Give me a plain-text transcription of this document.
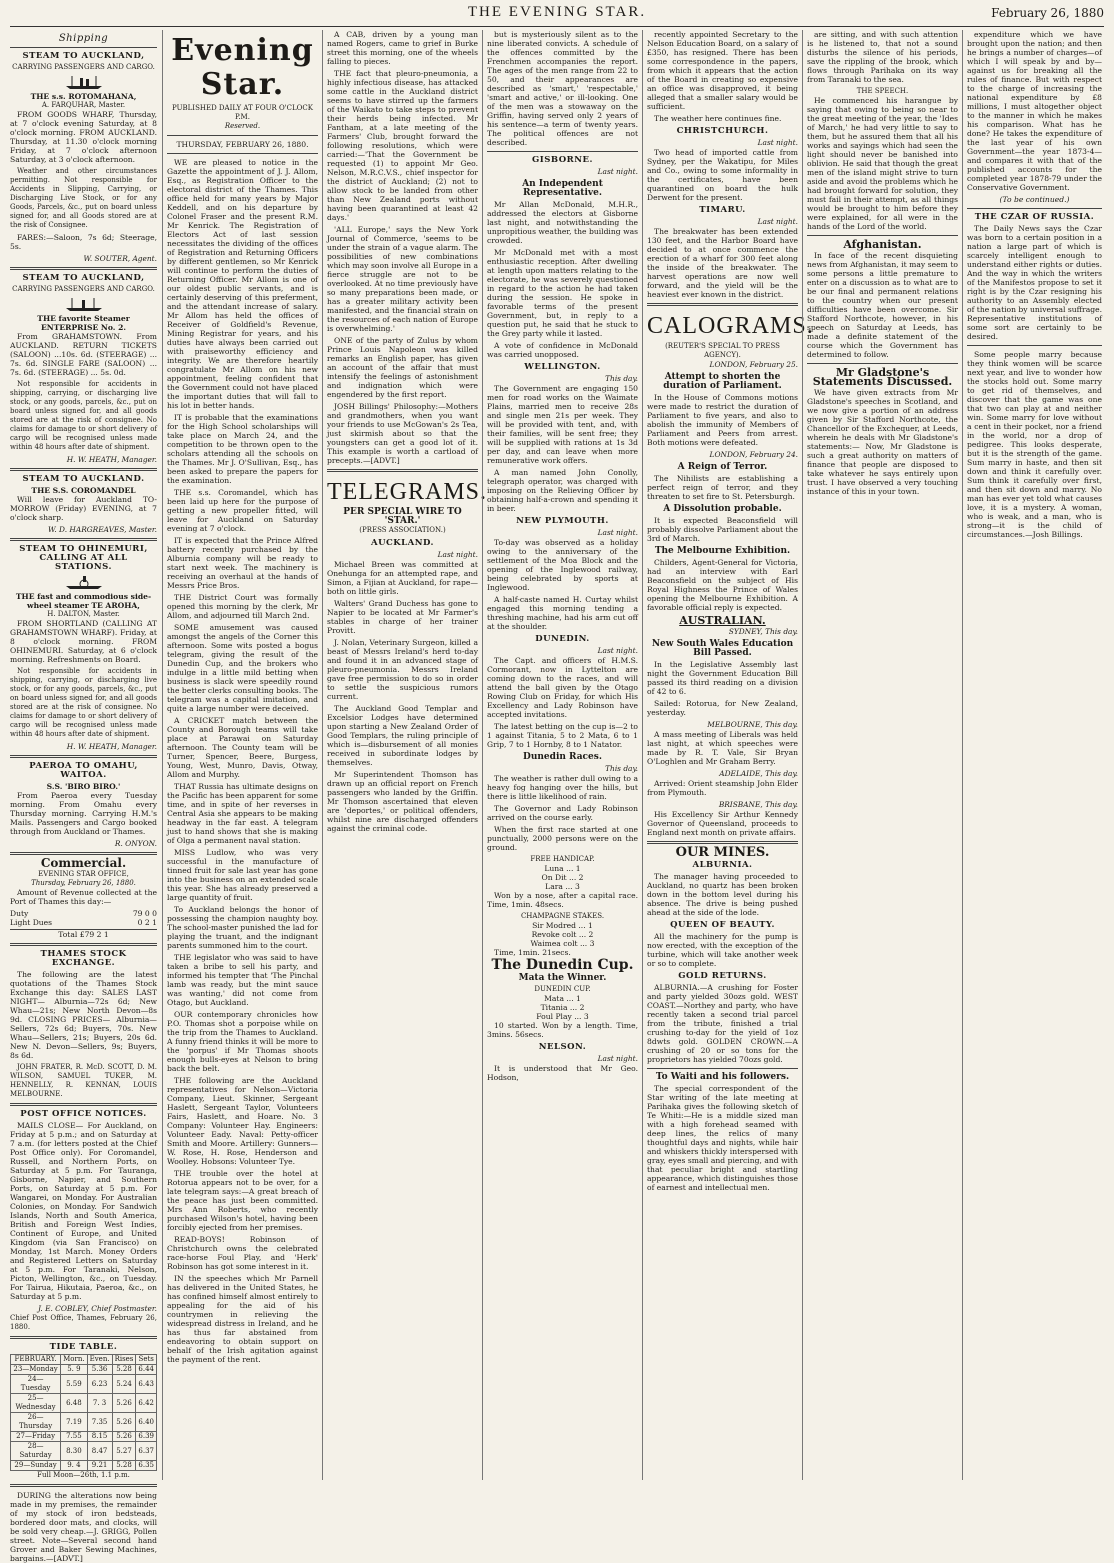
THE EVENING STAR.	February 26, 1880
Shipping
STEAM TO AUCKLAND,
CARRYING PASSENGERS AND CARGO.
THE s.s. ROTOMAHANA,
A. FARQUHAR, Master.

FROM GOODS WHARF, Thursday, at 7 o'clock evening Saturday, at 8 o'clock morning. FROM AUCKLAND. Thursday, at 11.30 o'clock morning Friday, at 7 o'clock afternoon Saturday, at 3 o'clock afternoon.

Weather and other circumstances permitting. Not responsible for Accidents in Slipping, Carrying, or Discharging Live Stock, or for any Goods, Parcels, &c., put on board unless signed for, and all Goods stored are at the risk of Consignee.

FARES:—Saloon, 7s 6d; Steerage, 5s.

W. SOUTER, Agent.
STEAM TO AUCKLAND,
CARRYING PASSENGERS AND CARGO.
THE favorite Steamer ENTERPRISE No. 2.

From GRAHAMSTOWN. From AUCKLAND. RETURN TICKETS (SALOON) ...10s. 6d. (STEERAGE) ... 7s. 6d. SINGLE FARE (SALOON) ... 7s. 6d. (STEERAGE) ... 5s. 0d.

Not responsible for accidents in shipping, carrying, or discharging live stock, or any goods, parcels, &c., put on board unless signed for, and all goods stored are at the risk of consignee. No claims for damage to or short delivery of cargo will be recognised unless made within 48 hours after date of shipment.

H. W. HEATH, Manager.
STEAM TO AUCKLAND.
THE S.S. COROMANDEL

Will leave for Auckland TO-MORROW (Friday) EVENING, at 7 o'clock sharp.

W. D. HARGREAVES, Master.
STEAM TO OHINEMURI, CALLING AT ALL STATIONS.
THE fast and commodious side-wheel steamer TE AROHA,
H. DALTON, Master.

FROM SHORTLAND (CALLING AT GRAHAMSTOWN WHARF). Friday, at 8 o'clock morning. FROM OHINEMURI. Saturday, at 6 o'clock morning. Refreshments on Board.

Not responsible for accidents in shipping, carrying, or discharging live stock, or for any goods, parcels, &c., put on board unless signed for, and all goods stored are at the risk of consignee. No claims for damage to or short delivery of cargo will be recognised unless made within 48 hours after date of shipment.

H. W. HEATH, Manager.
PAEROA TO OMAHU, WAITOA.
S.S. 'BIRO BIRO.'

From Paeroa every Tuesday morning. From Omahu every Thursday morning. Carrying H.M.'s Mails. Passengers and Cargo booked through from Auckland or Thames.

R. ONYON.
Commercial.
EVENING STAR OFFICE,
Thursday, February 26, 1880.

Amount of Revenue collected at the Port of Thames this day:—

Duty	79 0 0
Light Dues	0 2 1
Total £79 2 1
THAMES STOCK EXCHANGE.

The following are the latest quotations of the Thames Stock Exchange this day: SALES LAST NIGHT— Alburnia—72s 6d; New Whau—21s; New North Devon—8s 9d. CLOSING PRICES— Alburnia—Sellers, 72s 6d; Buyers, 70s. New Whau—Sellers, 21s; Buyers, 20s 6d. New N. Devon—Sellers, 9s; Buyers, 8s 6d.

JOHN FRATER, R. McD. SCOTT, D. M. WILSON, SAMUEL TUKER, M. HENNELLY, R. KENNAN, LOUIS MELBOURNE.

POST OFFICE NOTICES.

MAILS CLOSE— For Auckland, on Friday at 5 p.m.; and on Saturday at 7 a.m. (for letters posted at the Chief Post Office only). For Coromandel, Russell, and Northern Ports, on Saturday at 5 p.m. For Tauranga, Gisborne, Napier, and Southern Ports, on Saturday at 5 p.m. For Wangarei, on Monday. For Australian Colonies, on Monday. For Sandwich Islands, North and South America, British and Foreign West Indies, Continent of Europe, and United Kingdom (via San Francisco) on Monday, 1st March. Money Orders and Registered Letters on Saturday at 5 p.m. For Taranaki, Nelson, Picton, Wellington, &c., on Tuesday. For Tairua, Hikutaia, Paeroa, &c., on Saturday at 5 p.m.

J. E. COBLEY, Chief Postmaster.
Chief Post Office, Thames, February 26, 1880.
TIDE TABLE.
FEBRUARY.	Morn.	Even.	Rises	Sets
23—Monday	5. 9	5.36	5.28	6.44
24—Tuesday	5.59	6.23	5.24	6.43
25—Wednesday	6.48	7. 3	5.26	6.42
26—Thursday	7.19	7.35	5.26	6.40
27—Friday	7.55	8.15	5.26	6.39
28—Saturday	8.30	8.47	5.27	6.37
29—Sunday	9. 4	9.21	5.28	6.35
Full Moon—26th, 1.1 p.m.

DURING the alterations now being made in my premises, the remainder of my stock of iron bedsteads, bordered door mats, and clocks, will be sold very cheap.—J. GRIGG, Pollen street. Note—Several second hand Grover and Baker Sewing Machines, bargains.—[ADVT.]

Evening Star.
PUBLISHED DAILY AT FOUR O'CLOCK P.M.
Reserved.
THURSDAY, FEBRUARY 26, 1880.

WE are pleased to notice in the Gazette the appointment of J. J. Allom, Esq., as Registration Officer to the electoral district of the Thames. This office held for many years by Major Keddell, and on his departure by Colonel Fraser and the present R.M. Mr Kenrick. The Registration of Electors Act of last session necessitates the dividing of the offices of Registration and Returning Officers by different gentlemen, so Mr Kenrick will continue to perform the duties of Returning Officer. Mr Allom is one of our oldest public servants, and is certainly deserving of this preferment, and the attendant increase of salary. Mr Allom has held the offices of Receiver of Goldfield's Revenue, Mining Registrar for years, and his duties have always been carried out with praiseworthy efficiency and integrity. We are therefore heartily congratulate Mr Allom on his new appointment, feeling confident that the Government could not have placed the important duties that will fall to his lot in better hands.

IT is probable that the examinations for the High School scholarships will take place on March 24, and the competition to be thrown open to the scholars attending all the schools on the Thames. Mr J. O'Sullivan, Esq., has been asked to prepare the papers for the examination.

THE s.s. Coromandel, which has been laid up here for the purpose of getting a new propeller fitted, will leave for Auckland on Saturday evening at 7 o'clock.

IT is expected that the Prince Alfred battery recently purchased by the Alburnia company will be ready to start next week. The machinery is receiving an overhaul at the hands of Messrs Price Bros.

THE District Court was formally opened this morning by the clerk, Mr Allom, and adjourned till March 2nd.

SOME amusement was caused amongst the angels of the Corner this afternoon. Some wits posted a bogus telegram, giving the result of the Dunedin Cup, and the brokers who indulge in a little mild betting when business is slack were speedily round the better clerks consulting books. The telegram was a capital imitation, and quite a large number were deceived.

A CRICKET match between the County and Borough teams will take place at Parawai on Saturday afternoon. The County team will be Turner, Spencer, Beere, Burgess, Young, West, Munro, Davis, Otway, Allom and Murphy.

THAT Russia has ultimate designs on the Pacific has been apparent for some time, and in spite of her reverses in Central Asia she appears to be making headway in the far east. A telegram just to hand shows that she is making of Olga a permanent naval station.

MISS Ludlow, who was very successful in the manufacture of tinned fruit for sale last year has gone into the business on an extended scale this year. She has already preserved a large quantity of fruit.

To Auckland belongs the honor of possessing the champion naughty boy. The school-master punished the lad for playing the truant, and the indignant parents summoned him to the court.

THE legislator who was said to have taken a bribe to sell his party, and informed his tempter that 'The Pinchal lamb was ready, but the mint sauce was wanting,' did not come from Otago, but Auckland.

OUR contemporary chronicles how P.O. Thomas shot a porpoise while on the trip from the Thames to Auckland. A funny friend thinks it will be more to the 'porpus' if Mr Thomas shoots enough bulls-eyes at Nelson to bring back the belt.

THE following are the Auckland representatives for Nelson—Victoria Company, Lieut. Skinner, Sergeant Haslett, Sergeant Taylor, Volunteers Fairs, Haslett, and Hoare. No. 3 Company: Volunteer Hay. Engineers: Volunteer Eady. Naval: Petty-officer Smith and Moore. Artillery: Gunners—W. Rose, H. Rose, Henderson and Woolley. Hobsons: Volunteer Tye.

THE trouble over the hotel at Rotorua appears not to be over, for a late telegram says:—A great breach of the peace has just been committed. Mrs Ann Roberts, who recently purchased Wilson's hotel, having been forcibly ejected from her premises.

READ-BOYS! Robinson of Christchurch owns the celebrated race-horse Foul Play, and 'Herk' Robinson has got some interest in it.

IN the speeches which Mr Parnell has delivered in the United States, he has confined himself almost entirely to appealing for the aid of his countrymen in relieving the widespread distress in Ireland, and he has thus far abstained from endeavoring to obtain support on behalf of the Irish agitation against the payment of the rent.

A CAB, driven by a young man named Rogers, came to grief in Burke street this morning, one of the wheels falling to pieces.

THE fact that pleuro-pneumonia, a highly infectious disease, has attacked some cattle in the Auckland district seems to have stirred up the farmers of the Waikato to take steps to prevent their herds being infected. Mr Fantham, at a late meeting of the Farmers' Club, brought forward the following resolutions, which were carried:—'That the Government be requested (1) to appoint Mr Geo. Nelson, M.R.C.V.S., chief inspector for the district of Auckland; (2) not to allow stock to be landed from other than New Zealand ports without having been quarantined at least 42 days.'

'ALL Europe,' says the New York Journal of Commerce, 'seems to be under the strain of a vague alarm. The possibilities of new combinations which may soon involve all Europe in a fierce struggle are not to be overlooked. At no time previously have so many preparations been made, or has a greater military activity been manifested, and the financial strain on the resources of each nation of Europe is overwhelming.'

ONE of the party of Zulus by whom Prince Louis Napoleon was killed remarks an English paper, has given an account of the affair that must intensify the feelings of astonishment and indignation which were engendered by the first report.

JOSH Billings' Philosophy:—Mothers and grandmothers, when you want your friends to use McGowan's 2s Tea, just skirmish about so that the youngsters can get a good lot of it. This example is worth a cartload of precepts.—[ADVT.]

TELEGRAMS.
PER SPECIAL WIRE TO 'STAR.'
(PRESS ASSOCIATION.)
AUCKLAND.
Last night.

Michael Breen was committed at Onehunga for an attempted rape, and Simon, a Fijian at Auckland, for rape—both on little girls.

Walters' Grand Duchess has gone to Napier to be located at Mr Farmer's stables in charge of her trainer Provitt.

J. Nolan, Veterinary Surgeon, killed a beast of Messrs Ireland's herd to-day and found it in an advanced stage of pleuro-pneumonia. Messrs Ireland gave free permission to do so in order to settle the suspicious rumors current.

The Auckland Good Templar and Excelsior Lodges have determined upon starting a New Zealand Order of Good Templars, the ruling principle of which is—disbursement of all monies received in subordinate lodges by themselves.

Mr Superintendent Thomson has drawn up an official report on French passengers who landed by the Griffin. Mr Thomson ascertained that eleven are 'deportes,' or political offenders, whilst nine are discharged offenders against the criminal code.

but is mysteriously silent as to the nine liberated convicts. A schedule of the offences committed by the Frenchmen accompanies the report. The ages of the men range from 22 to 50, and their appearances are described as 'smart,' 'respectable,' 'smart and active,' or ill-looking. One of the men was a stowaway on the Griffin, having served only 2 years of his sentence—a term of twenty years. The political offences are not described.

GISBORNE.
Last night.
An Independent Representative.

Mr Allan McDonald, M.H.R., addressed the electors at Gisborne last night, and notwithstanding the unpropitious weather, the building was crowded.

Mr McDonald met with a most enthusiastic reception. After dwelling at length upon matters relating to the electorate, he was severely questioned in regard to the action he had taken during the session. He spoke in favorable terms of the present Government, but, in reply to a question put, he said that he stuck to the Grey party while it lasted.

A vote of confidence in McDonald was carried unopposed.

WELLINGTON.
This day.

The Government are engaging 150 men for road works on the Waimate Plains, married men to receive 28s and single men 21s per week. They will be provided with tent, and, with their families, will be sent free; they will be supplied with rations at 1s 3d per day, and can leave when more remunerative work offers.

A man named John Conolly, telegraph operator, was charged with imposing on the Relieving Officer by obtaining half-a-crown and spending it in beer.

NEW PLYMOUTH.
Last night.

To-day was observed as a holiday owing to the anniversary of the settlement of the Moa Block and the opening of the Inglewood railway, being celebrated by sports at Inglewood.

A half-caste named H. Curtay whilst engaged this morning tending a threshing machine, had his arm cut off at the shoulder.

DUNEDIN.
Last night.

The Capt. and officers of H.M.S. Cormorant, now in Lyttelton are coming down to the races, and will attend the ball given by the Otago Rowing Club on Friday, for which His Excellency and Lady Robinson have accepted invitations.

The latest betting on the cup is—2 to 1 against Titania, 5 to 2 Mata, 6 to 1 Grip, 7 to 1 Hornby, 8 to 1 Natator.

Dunedin Races.
This day.

The weather is rather dull owing to a heavy fog hanging over the hills, but there is little likelihood of rain.

The Governor and Lady Robinson arrived on the course early.

When the first race started at one punctually, 2000 persons were on the ground.

FREE HANDICAP.
Luna ... 1
On Dit ... 2
Lara ... 3

Won by a nose, after a capital race. Time, 1min. 48secs.

CHAMPAGNE STAKES.
Sir Modred ... 1
Revoke colt ... 2
Waimea colt ... 3

Time, 1min. 21secs.

The Dunedin Cup.
Mata the Winner.
DUNEDIN CUP.
Mata ... 1
Titania ... 2
Foul Play ... 3

10 started. Won by a length. Time, 3mins. 56secs.

NELSON.
Last night.

It is understood that Mr Geo. Hodson,

recently appointed Secretary to the Nelson Education Board, on a salary of £350, has resigned. There has been some correspondence in the papers, from which it appears that the action of the Board in creating so expensive an office was disapproved, it being alleged that a smaller salary would be sufficient.

The weather here continues fine.

CHRISTCHURCH.
Last night.

Two head of imported cattle from Sydney, per the Wakatipu, for Miles and Co., owing to some informality in the certificates, have been quarantined on board the hulk Derwent for the present.

TIMARU.
Last night.

The breakwater has been extended 130 feet, and the Harbor Board have decided to at once commence the erection of a wharf for 300 feet along the inside of the breakwater. The harvest operations are now well forward, and the yield will be the heaviest ever known in the district.

CALOGRAMS.
(REUTER'S SPECIAL TO PRESS AGENCY).
LONDON, February 25.
Attempt to shorten the duration of Parliament.

In the House of Commons motions were made to restrict the duration of Parliament to five years, and also to abolish the immunity of Members of Parliament and Peers from arrest. Both motions were defeated.

LONDON, February 24.
A Reign of Terror.

The Nihilists are establishing a perfect reign of terror, and they threaten to set fire to St. Petersburgh.

A Dissolution probable.

It is expected Beaconsfield will probably dissolve Parliament about the 3rd of March.

The Melbourne Exhibition.

Childers, Agent-General for Victoria, had an interview with Earl Beaconsfield on the subject of His Royal Highness the Prince of Wales opening the Melbourne Exhibition. A favorable official reply is expected.

AUSTRALIAN.
SYDNEY, This day.
New South Wales Education Bill Passed.

In the Legislative Assembly last night the Government Education Bill passed its third reading on a division of 42 to 6.

Sailed: Rotorua, for New Zealand, yesterday.

MELBOURNE, This day.

A mass meeting of Liberals was held last night, at which speeches were made by R. T. Vale, Sir Bryan O'Loghlen and Mr Graham Berry.

ADELAIDE, This day.

Arrived: Orient steamship John Elder from Plymouth.

BRISBANE, This day.

His Excellency Sir Arthur Kennedy Governor of Queensland, proceeds to England next month on private affairs.

OUR MINES.
ALBURNIA.

The manager having proceeded to Auckland, no quartz has been broken down in the bottom level during his absence. The drive is being pushed ahead at the side of the lode.

QUEEN OF BEAUTY.

All the machinery for the pump is now erected, with the exception of the turbine, which will take another week or so to complete.

GOLD RETURNS.

ALBURNIA.—A crushing for Foster and party yielded 30ozs gold. WEST COAST.—Northey and party, who have recently taken a second trial parcel from the tribute, finished a trial crushing to-day for the yield of 1oz 8dwts gold. GOLDEN CROWN.—A crushing of 20 or so tons for the proprietors has yielded 70ozs gold.

To Waiti and his followers.

The special correspondent of the Star writing of the late meeting at Parihaka gives the following sketch of Te Whiti:—He is a middle sized man with a high forehead seamed with deep lines, the relics of many thoughtful days and nights, while hair and whiskers thickly interspersed with gray, eyes small and piercing, and with that peculiar bright and startling appearance, which distinguishes those of earnest and intellectual men.

are sitting, and with such attention is he listened to, that not a sound disturbs the silence of his periods, save the rippling of the brook, which flows through Parihaka on its way from Taranaki to the sea.

THE SPEECH.

He commenced his harangue by saying that owing to being so near to the great meeting of the year, the 'Ides of March,' he had very little to say to them, but he assured them that all his works and sayings which had seen the light should never be banished into oblivion. He said that though the great men of the island might strive to turn aside and avoid the problems which he had brought forward for solution, they must fail in their attempt, as all things would be brought to him before they were explained, for all were in the hands of the Lord of the world.

Afghanistan.

In face of the recent disquieting news from Afghanistan, it may seem to some persons a little premature to enter on a discussion as to what are to be our final and permanent relations to the country when our present difficulties have been overcome. Sir Stafford Northcote, however, in his speech on Saturday at Leeds, has made a definite statement of the course which the Government has determined to follow.

Mr Gladstone's Statements Discussed.

We have given extracts from Mr Gladstone's speeches in Scotland, and we now give a portion of an address given by Sir Stafford Northcote, the Chancellor of the Exchequer, at Leeds, wherein he deals with Mr Gladstone's statements:— Now, Mr Gladstone is such a great authority on matters of finance that people are disposed to take whatever he says entirely upon trust. I have observed a very touching instance of this in your town.

expenditure which we have brought upon the nation; and then he brings a number of charges—of which I will speak by and by—against us for breaking all the rules of finance. But with respect to the charge of increasing the national expenditure by £8 millions, I must altogether object to the manner in which he makes his comparison. What has he done? He takes the expenditure of the last year of his own Government—the year 1873-4—and compares it with that of the published accounts for the completed year 1878-79 under the Conservative Government.

(To be continued.)
THE CZAR OF RUSSIA.

The Daily News says the Czar was born to a certain position in a nation a large part of which is scarcely intelligent enough to understand either rights or duties. And the way in which the writers of the Manifestos propose to set it right is by the Czar resigning his authority to an Assembly elected of the nation by universal suffrage. Representative institutions of some sort are certainly to be desired.

Some people marry because they think women will be scarce next year, and live to wonder how the stocks hold out. Some marry to get rid of themselves, and discover that the game was one that two can play at and neither win. Some marry for love without a cent in their pocket, nor a friend in the world, nor a drop of pedigree. This looks desperate, but it is the strength of the game. Sum marry in haste, and then sit down and think it carefully over. Sum think it carefully over first, and then sit down and marry. No man has ever yet told what causes love, it is a mystery. A woman, who is weak, and a man, who is strong—it is the child of circumstances.—Josh Billings.
